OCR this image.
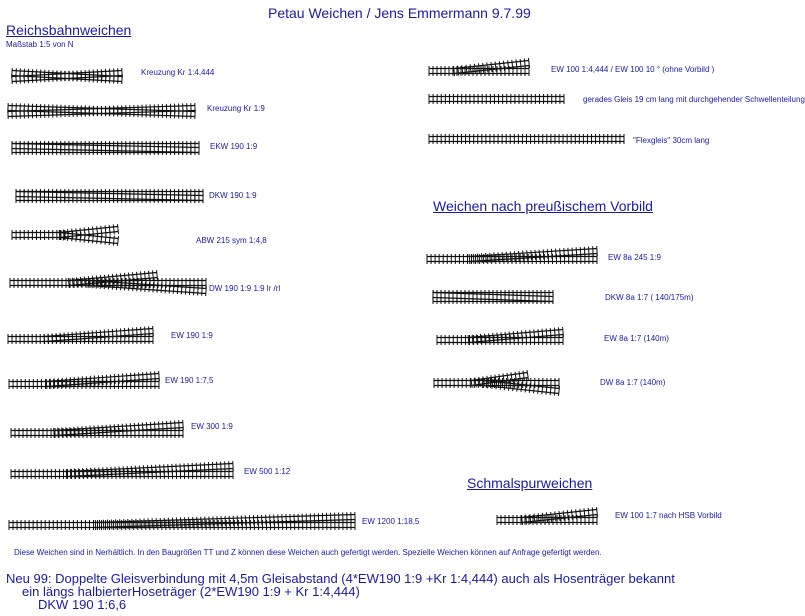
Petau Weichen / Jens Emmermann 9.7.99
Reichsbahnweichen
Maßstab 1:5 von N
Weichen nach preußischem Vorbild
Schmalspurweichen
Kreuzung Kr 1:4,444
Kreuzung Kr 1:9
EKW 190 1:9
DKW 190 1:9
ABW 215 sym 1:4,8
DW 190 1:9 1:9 lr /rl
EW 190 1:9
EW 190 1:7,5
EW 300 1:9
EW 500 1:12
EW 1200 1:18,5
EW 100 1:4,444 / EW 100 10 ° (ohne Vorbild )
gerades Gleis 19 cm lang mit durchgehender Schwellenteilung
"Flexgleis" 30cm lang
EW 8a 245 1:9
DKW 8a 1:7 ( 140/175m)
EW 8a 1:7 (140m)
DW 8a 1:7 (140m)
EW 100 1:7 nach HSB Vorbild
Diese Weichen sind in Nerhältlich. In den Baugrößen TT und Z können diese Weichen auch gefertigt werden. Spezielle Weichen können auf Anfrage gefertigt werden.
Neu 99: Doppelte Gleisverbindung mit 4,5m Gleisabstand (4*EW190 1:9 +Kr 1:4,444) auch als Hosenträger bekannt
ein längs halbierterHoseträger (2*EW190 1:9 + Kr 1:4,444)
DKW 190 1:6,6
